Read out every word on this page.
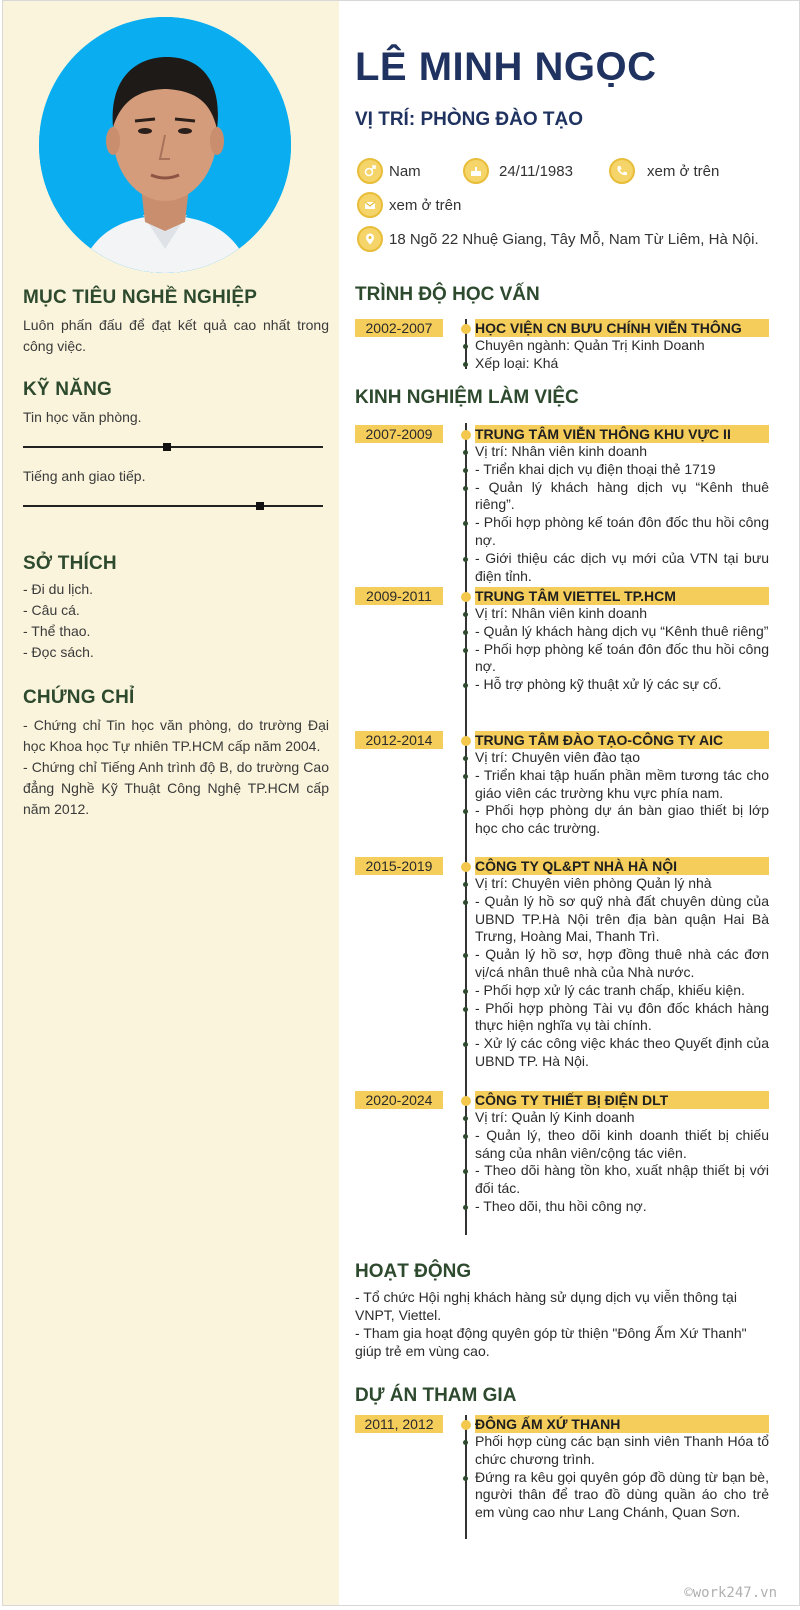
MỤC TIÊU NGHỀ NGHIỆP
Luôn phấn đấu để đạt kết quả cao nhất trong công việc.
KỸ NĂNG
Tin học văn phòng.
Tiếng anh giao tiếp.
SỞ THÍCH
- Đi du lịch.
- Câu cá.
- Thể thao.
- Đọc sách.
CHỨNG CHỈ
- Chứng chỉ Tin học văn phòng, do trường Đại học Khoa học Tự nhiên TP.HCM cấp năm 2004.
- Chứng chỉ Tiếng Anh trình độ B, do trường Cao đẳng Nghề Kỹ Thuật Công Nghệ TP.HCM cấp năm 2012.
LÊ MINH NGỌC
VỊ TRÍ: PHÒNG ĐÀO TẠO
Nam	24/11/1983	xem ở trên
xem ở trên
18 Ngõ 22 Nhuệ Giang, Tây Mỗ, Nam Từ Liêm, Hà Nội.
TRÌNH ĐỘ HỌC VẤN
2002-2007	HỌC VIỆN CN BƯU CHÍNH VIỄN THÔNG
Chuyên ngành: Quản Trị Kinh Doanh
Xếp loại: Khá
KINH NGHIỆM LÀM VIỆC
2007-2009	TRUNG TÂM VIỄN THÔNG KHU VỰC II
Vị trí: Nhân viên kinh doanh
- Triển khai dịch vụ điện thoại thẻ 1719
- Quản lý khách hàng dịch vụ “Kênh thuê riêng”.
- Phối hợp phòng kế toán đôn đốc thu hồi công nợ.
- Giới thiệu các dịch vụ mới của VTN tại bưu điện tỉnh.
2009-2011	TRUNG TÂM VIETTEL TP.HCM
Vị trí: Nhân viên kinh doanh
- Quản lý khách hàng dịch vụ “Kênh thuê riêng”
- Phối hợp phòng kế toán đôn đốc thu hồi công nợ.
- Hỗ trợ phòng kỹ thuật xử lý các sự cố.
2012-2014	TRUNG TÂM ĐÀO TẠO-CÔNG TY AIC
Vị trí: Chuyên viên đào tạo
- Triển khai tập huấn phần mềm tương tác cho giáo viên các trường khu vực phía nam.
- Phối hợp phòng dự án bàn giao thiết bị lớp học cho các trường.
2015-2019	CÔNG TY QL&PT NHÀ HÀ NỘI
Vị trí: Chuyên viên phòng Quản lý nhà
- Quản lý hồ sơ quỹ nhà đất chuyên dùng của UBND TP.Hà Nội trên địa bàn quận Hai Bà Trưng, Hoàng Mai, Thanh Trì.
- Quản lý hồ sơ, hợp đồng thuê nhà các đơn vị/cá nhân thuê nhà của Nhà nước.
- Phối hợp xử lý các tranh chấp, khiếu kiện.
- Phối hợp phòng Tài vụ đôn đốc khách hàng thực hiện nghĩa vụ tài chính.
- Xử lý các công việc khác theo Quyết định của UBND TP. Hà Nội.
2020-2024	CÔNG TY THIẾT BỊ ĐIỆN DLT
Vị trí: Quản lý Kinh doanh
- Quản lý, theo dõi kinh doanh thiết bị chiếu sáng của nhân viên/cộng tác viên.
- Theo dõi hàng tồn kho, xuất nhập thiết bị với đối tác.
- Theo dõi, thu hồi công nợ.
HOẠT ĐỘNG
- Tổ chức Hội nghị khách hàng sử dụng dịch vụ viễn thông tại VNPT, Viettel.
- Tham gia hoạt động quyên góp từ thiện "Đông Ấm Xứ Thanh" giúp trẻ em vùng cao.
DỰ ÁN THAM GIA
2011, 2012	ĐÔNG ẤM XỨ THANH
Phối hợp cùng các bạn sinh viên Thanh Hóa tổ chức chương trình.
Đứng ra kêu gọi quyên góp đồ dùng từ bạn bè, người thân để trao đồ dùng quần áo cho trẻ em vùng cao như Lang Chánh, Quan Sơn.
©work247.vn
